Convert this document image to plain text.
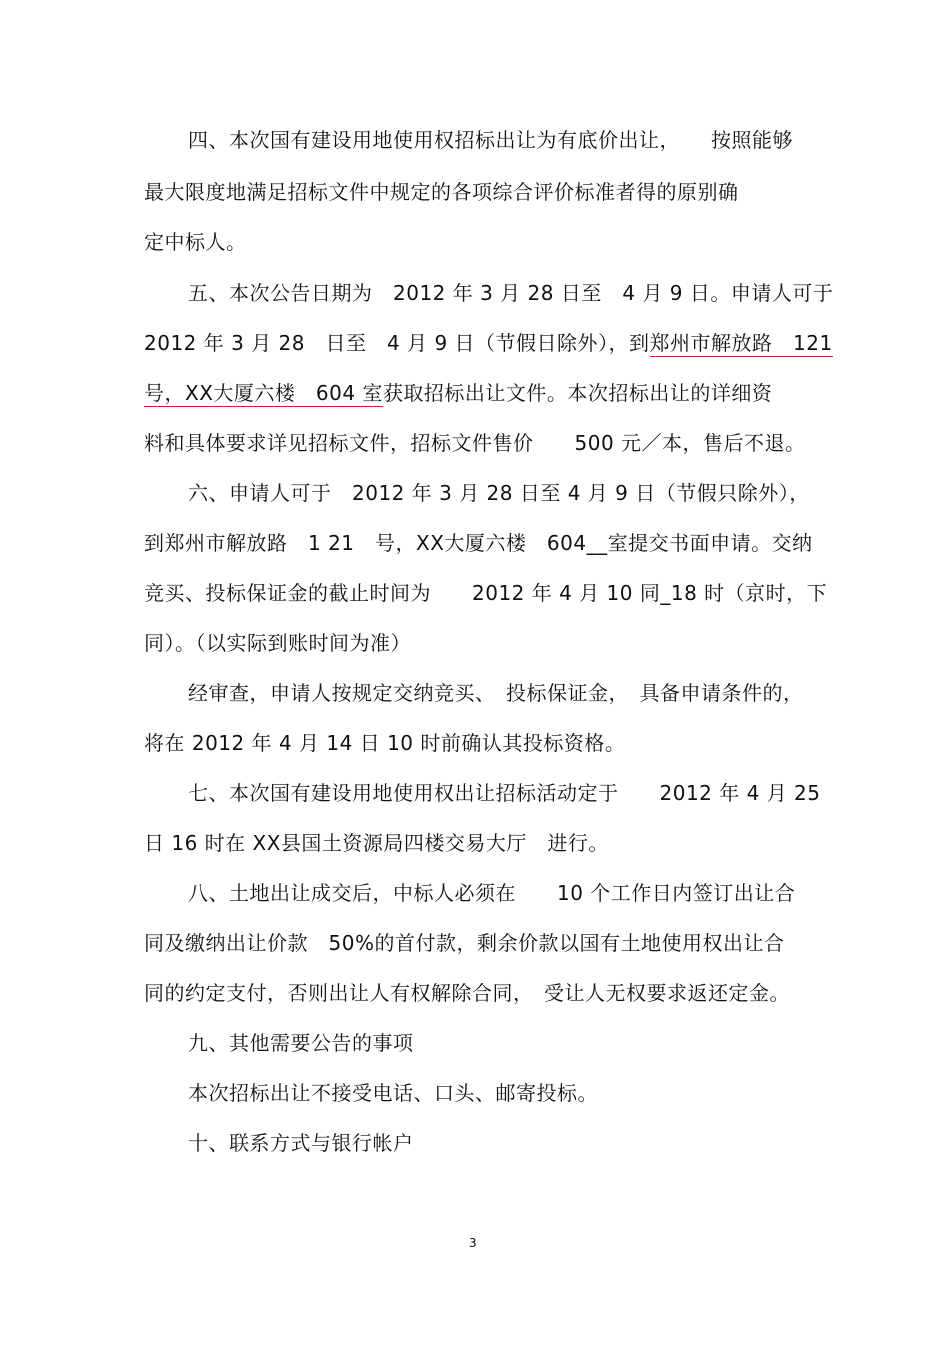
四、本次国有建设用地使用权招标出让为有底价出让，　　按照能够
最大限度地满足招标文件中规定的各项综合评价标准者得的原别确
定中标人。
五、本次公告日期为　2012 年 3 月 28 日至　4 月 9 日。申请人可于
2012 年 3 月 28　日至　4 月 9 日（节假日除外），到郑州市解放路　121
号，XX大厦六楼　604 室获取招标出让文件。本次招标出让的详细资
料和具体要求详见招标文件，招标文件售价　　500 元／本，售后不退。
六、申请人可于　2012 年 3 月 28 日至 4 月 9 日（节假只除外），
到郑州市解放路　1 21　号，XX大厦六楼　604__室提交书面申请。交纳
竞买、投标保证金的截止时间为　　2012 年 4 月 10 同_18 时（京时，下
同）。（以实际到账时间为准）
经审查，申请人按规定交纳竞买、　投标保证金，　具备申请条件的，
将在 2012 年 4 月 14 日 10 时前确认其投标资格。
七、本次国有建设用地使用权出让招标活动定于　　2012 年 4 月 25
日 16 时在 XX县国土资源局四楼交易大厅　进行。
八、土地出让成交后，中标人必须在　　10 个工作日内签订出让合
同及缴纳出让价款　50%的首付款，剩余价款以国有土地使用权出让合
同的约定支付，否则出让人有权解除合同，　受让人无权要求返还定金。
九、其他需要公告的事项
本次招标出让不接受电话、口头、邮寄投标。
十、联系方式与银行帐户
3
